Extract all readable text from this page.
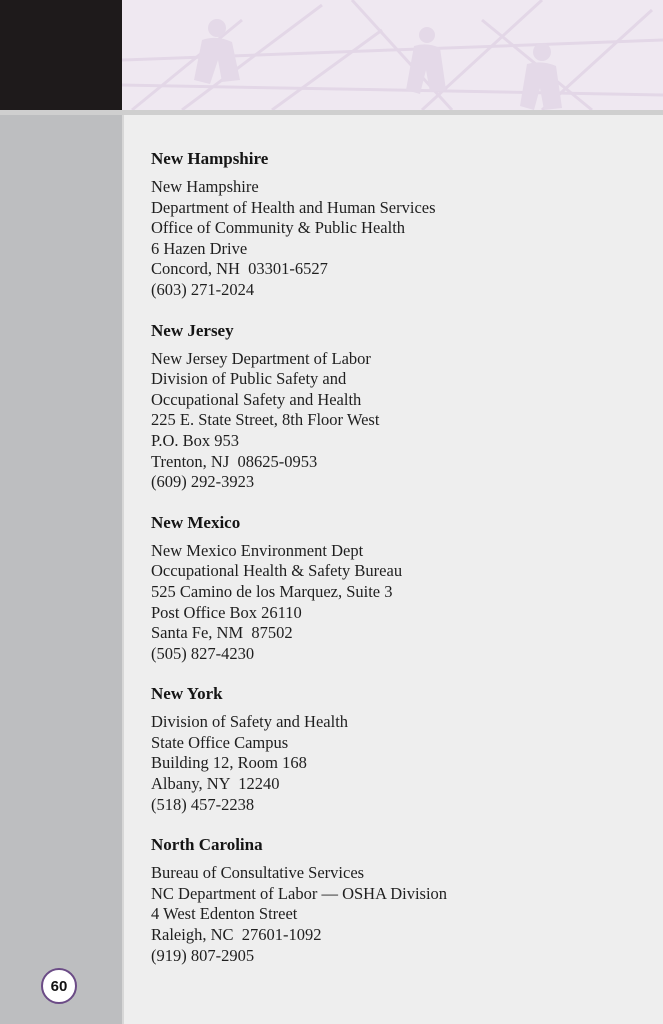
60
New Hampshire
New Hampshire
Department of Health and Human Services
Office of Community & Public Health
6 Hazen Drive
Concord, NH  03301-6527
(603) 271-2024
New Jersey
New Jersey Department of Labor
Division of Public Safety and
Occupational Safety and Health
225 E. State Street, 8th Floor West
P.O. Box 953
Trenton, NJ  08625-0953
(609) 292-3923
New Mexico
New Mexico Environment Dept
Occupational Health & Safety Bureau
525 Camino de los Marquez, Suite 3
Post Office Box 26110
Santa Fe, NM  87502
(505) 827-4230
New York
Division of Safety and Health
State Office Campus
Building 12, Room 168
Albany, NY  12240
(518) 457-2238
North Carolina
Bureau of Consultative Services
NC Department of Labor — OSHA Division
4 West Edenton Street
Raleigh, NC  27601-1092
(919) 807-2905
